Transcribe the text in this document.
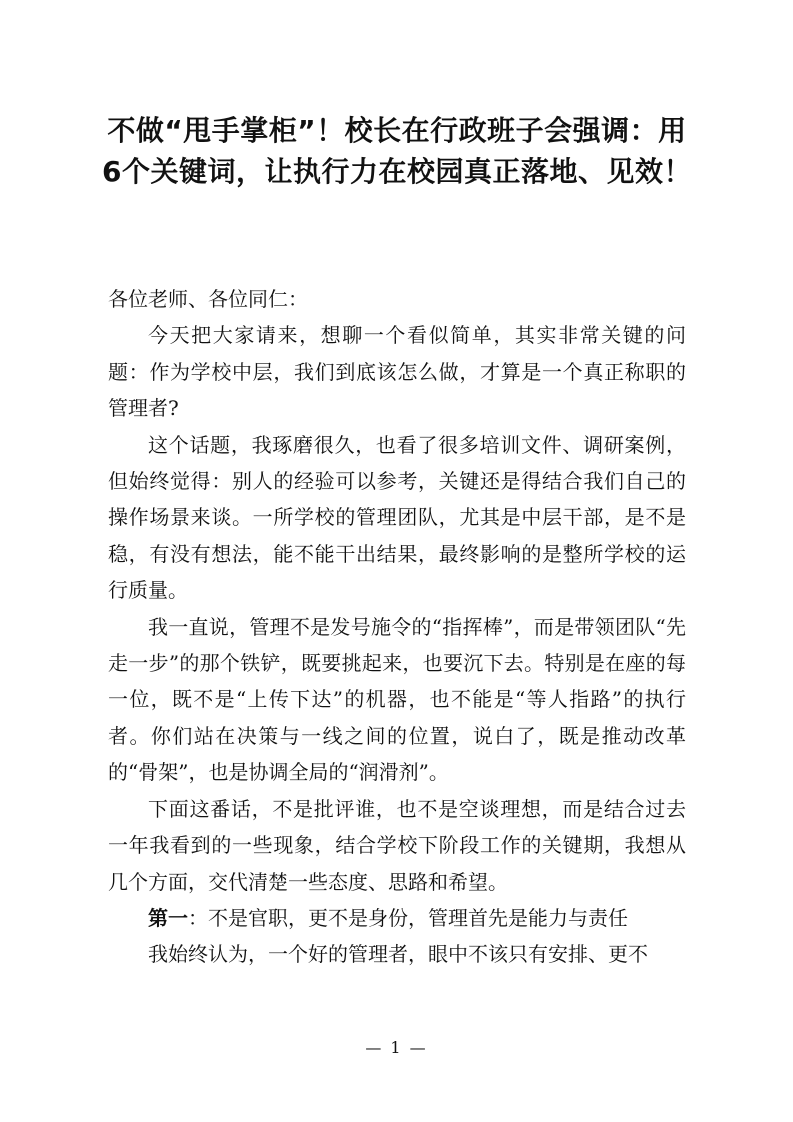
不做“甩手掌柜”！校长在行政班子会强调：用6个关键词，让执行力在校园真正落地、见效！

各位老师、各位同仁：

今天把大家请来，想聊一个看似简单，其实非常关键的问题：作为学校中层，我们到底该怎么做，才算是一个真正称职的管理者?

这个话题，我琢磨很久，也看了很多培训文件、调研案例，但始终觉得：别人的经验可以参考，关键还是得结合我们自己的操作场景来谈。一所学校的管理团队，尤其是中层干部，是不是稳，有没有想法，能不能干出结果，最终影响的是整所学校的运行质量。

我一直说，管理不是发号施令的“指挥棒”，而是带领团队“先走一步”的那个铁铲，既要挑起来，也要沉下去。特别是在座的每一位，既不是“上传下达”的机器，也不能是“等人指路”的执行者。你们站在决策与一线之间的位置，说白了，既是推动改革的“骨架”，也是协调全局的“润滑剂”。

下面这番话，不是批评谁，也不是空谈理想，而是结合过去一年我看到的一些现象，结合学校下阶段工作的关键期，我想从几个方面，交代清楚一些态度、思路和希望。

第一：不是官职，更不是身份，管理首先是能力与责任

我始终认为，一个好的管理者，眼中不该只有安排、更不

— 1 —
